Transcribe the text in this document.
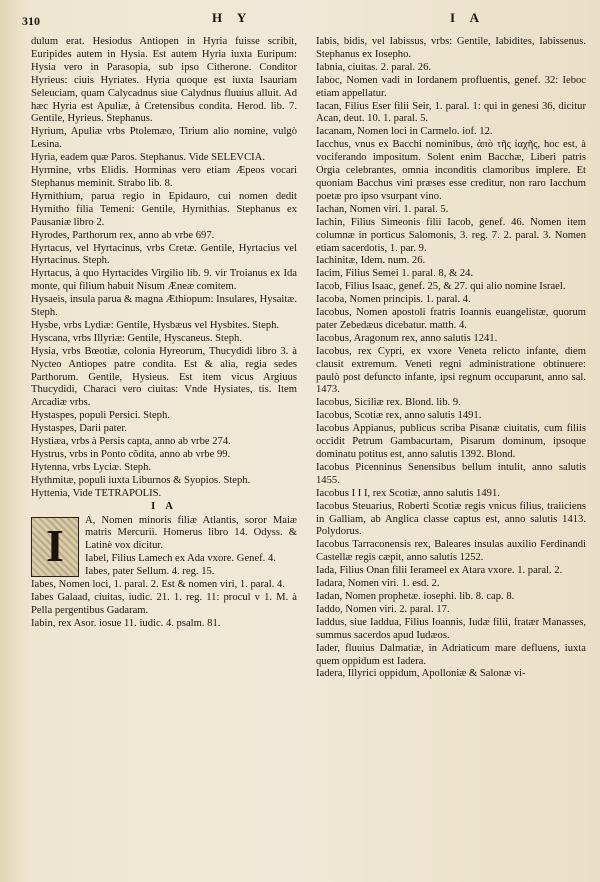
310	H Y	I A

dulum erat. Hesiodus Antiopen in Hyria fuisse scribit, Euripides autem in Hysia. Est autem Hyria iuxta Euripum: Hysia vero in Parasopia, sub ipso Citherone. Conditor Hyrieus: ciuis Hyriates. Hyria quoque est iuxta Isauriam Seleuciam, quam Calycadnus siue Calydnus fluuius alluit. Ad hæc Hyria est Apuliæ, à Cretensibus condita. Herod. lib. 7. Gentile, Hyrieus. Stephanus.

Hyrium, Apuliæ vrbs Ptolemæo, Tirium alio nomine, vulgò Lesina.

Hyria, eadem quæ Paros. Stephanus. Vide SELEVCIA.

Hyrmine, vrbs Elidis. Horminas vero etiam Æpeos vocari Stephanus meminit. Strabo lib. 8.

Hyrnithium, parua regio in Epidauro, cui nomen dedit Hyrnitho filia Temeni: Gentile, Hyrnithias. Stephanus ex Pausaniæ libro 2.

Hyrodes, Parthorum rex, anno ab vrbe 697.

Hyrtacus, vel Hyrtacinus, vrbs Cretæ. Gentile, Hyrtacius vel Hyrtacinus. Steph.

Hyrtacus, à quo Hyrtacides Virgilio lib. 9. vir Troianus ex Ida monte, qui filium habuit Nisum Æneæ comitem.

Hysaeis, insula parua & magna Æthiopum: Insulares, Hysaitæ. Steph.

Hysbe, vrbs Lydiæ: Gentile, Hysbæus vel Hysbites. Steph.

Hyscana, vrbs Illyriæ: Gentile, Hyscaneus. Steph.

Hysia, vrbs Bœotiæ, colonia Hyreorum, Thucydidi libro 3. à Nycteo Antiopes patre condita. Est & alia, regia sedes Parthorum. Gentile, Hysieus. Est item vicus Argiuus Thucydidi, Characi vero ciuitas: Vnde Hysiates, tis. Item Arcadiæ vrbs.

Hystaspes, populi Persici. Steph.

Hystaspes, Darii pater.

Hystiæa, vrbs à Persis capta, anno ab vrbe 274.

Hystrus, vrbs in Ponto cõdita, anno ab vrbe 99.

Hytenna, vrbs Lyciæ. Steph.

Hythmitæ, populi iuxta Liburnos & Syopios. Steph.

Hyttenia, Vide TETRAPOLIS.

I A
I

A, Nomen minoris filiæ Atlantis, soror Maiæ matris Mercurii. Homerus libro 14. Odyss. & Latinè vox dicitur.

Iabel, Filius Lamech ex Ada vxore. Genef. 4.

Iabes, pater Sellum. 4. reg. 15.

Iabes, Nomen loci, 1. paral. 2. Est & nomen viri, 1. paral. 4.

Iabes Galaad, ciuitas, iudic. 21. 1. reg. 11: procul v 1. M. à Pella pergentibus Gadaram.

Iabin, rex Asor. iosue 11. iudic. 4. psalm. 81.

Iabis, bidis, vel Iabissus, vrbs: Gentile, Iabidites, Iabissenus. Stephanus ex Iosepho.

Iabnia, ciuitas. 2. paral. 26.

Iaboc, Nomen vadi in Iordanem profluentis, genef. 32: Ieboc etiam appellatur.

Iacan, Filius Eser filii Seir, 1. paral. 1: qui in genesi 36, dicitur Acan, deut. 10. 1. paral. 5.

Iacanam, Nomen loci in Carmelo. iof. 12.

Iacchus, vnus ex Bacchi nominibus, ἀπὸ τῆς ἰαχῆς, hoc est, à vociferando impositum. Solent enim Bacchæ, Liberi patris Orgia celebrantes, omnia inconditis clamoribus implere. Et quoniam Bacchus vini præses esse creditur, non raro Iacchum poetæ pro ipso vsurpant vino.

Iachan, Nomen viri. 1. paral. 5.

Iachin, Filius Simeonis filii Iacob, genef. 46. Nomen item columnæ in porticus Salomonis, 3. reg. 7. 2. paral. 3. Nomen etiam sacerdotis, 1. par. 9.

Iachinitæ, Idem. num. 26.

Iacim, Filius Semei 1. paral. 8, & 24.

Iacob, Filius Isaac, genef. 25, & 27. qui alio nomine Israel.

Iacoba, Nomen principis. 1. paral. 4.

Iacobus, Nomen apostoli fratris Ioannis euangelistæ, quorum pater Zebedæus dicebatur. matth. 4.

Iacobus, Aragonum rex, anno salutis 1241.

Iacobus, rex Cypri, ex vxore Veneta relicto infante, diem clausit extremum. Veneti regni administratione obtinuere: paulò post defuncto infante, ipsi regnum occuparunt, anno sal. 1473.

Iacobus, Siciliæ rex. Blond. lib. 9.

Iacobus, Scotiæ rex, anno salutis 1491.

Iacobus Appianus, publicus scriba Pisanæ ciuitatis, cum filiis occidit Petrum Gambacurtam, Pisarum dominum, ipsoque dominatu potitus est, anno salutis 1392. Blond.

Iacobus Picenninus Senensibus bellum intulit, anno salutis 1455.

Iacobus I I I, rex Scotiæ, anno salutis 1491.

Iacobus Steuarius, Roberti Scotiæ regis vnicus filius, traiiciens in Galliam, ab Anglica classe captus est, anno salutis 1413. Polydorus.

Iacobus Tarraconensis rex, Baleares insulas auxilio Ferdinandi Castellæ regis cæpit, anno salutis 1252.

Iada, Filius Onan filii Ierameel ex Atara vxore. 1. paral. 2.

Iadara, Nomen viri. 1. esd. 2.

Iadan, Nomen prophetæ. iosephi. lib. 8. cap. 8.

Iaddo, Nomen viri. 2. paral. 17.

Iaddus, siue Iaddua, Filius Ioannis, Iudæ filii, fratær Manasses, summus sacerdos apud Iudæos.

Iader, fluuius Dalmatiæ, in Adriaticum mare defluens, iuxta quem oppidum est Iadera.

Iadera, Illyrici oppidum, Apolloniæ & Salonæ vi-
